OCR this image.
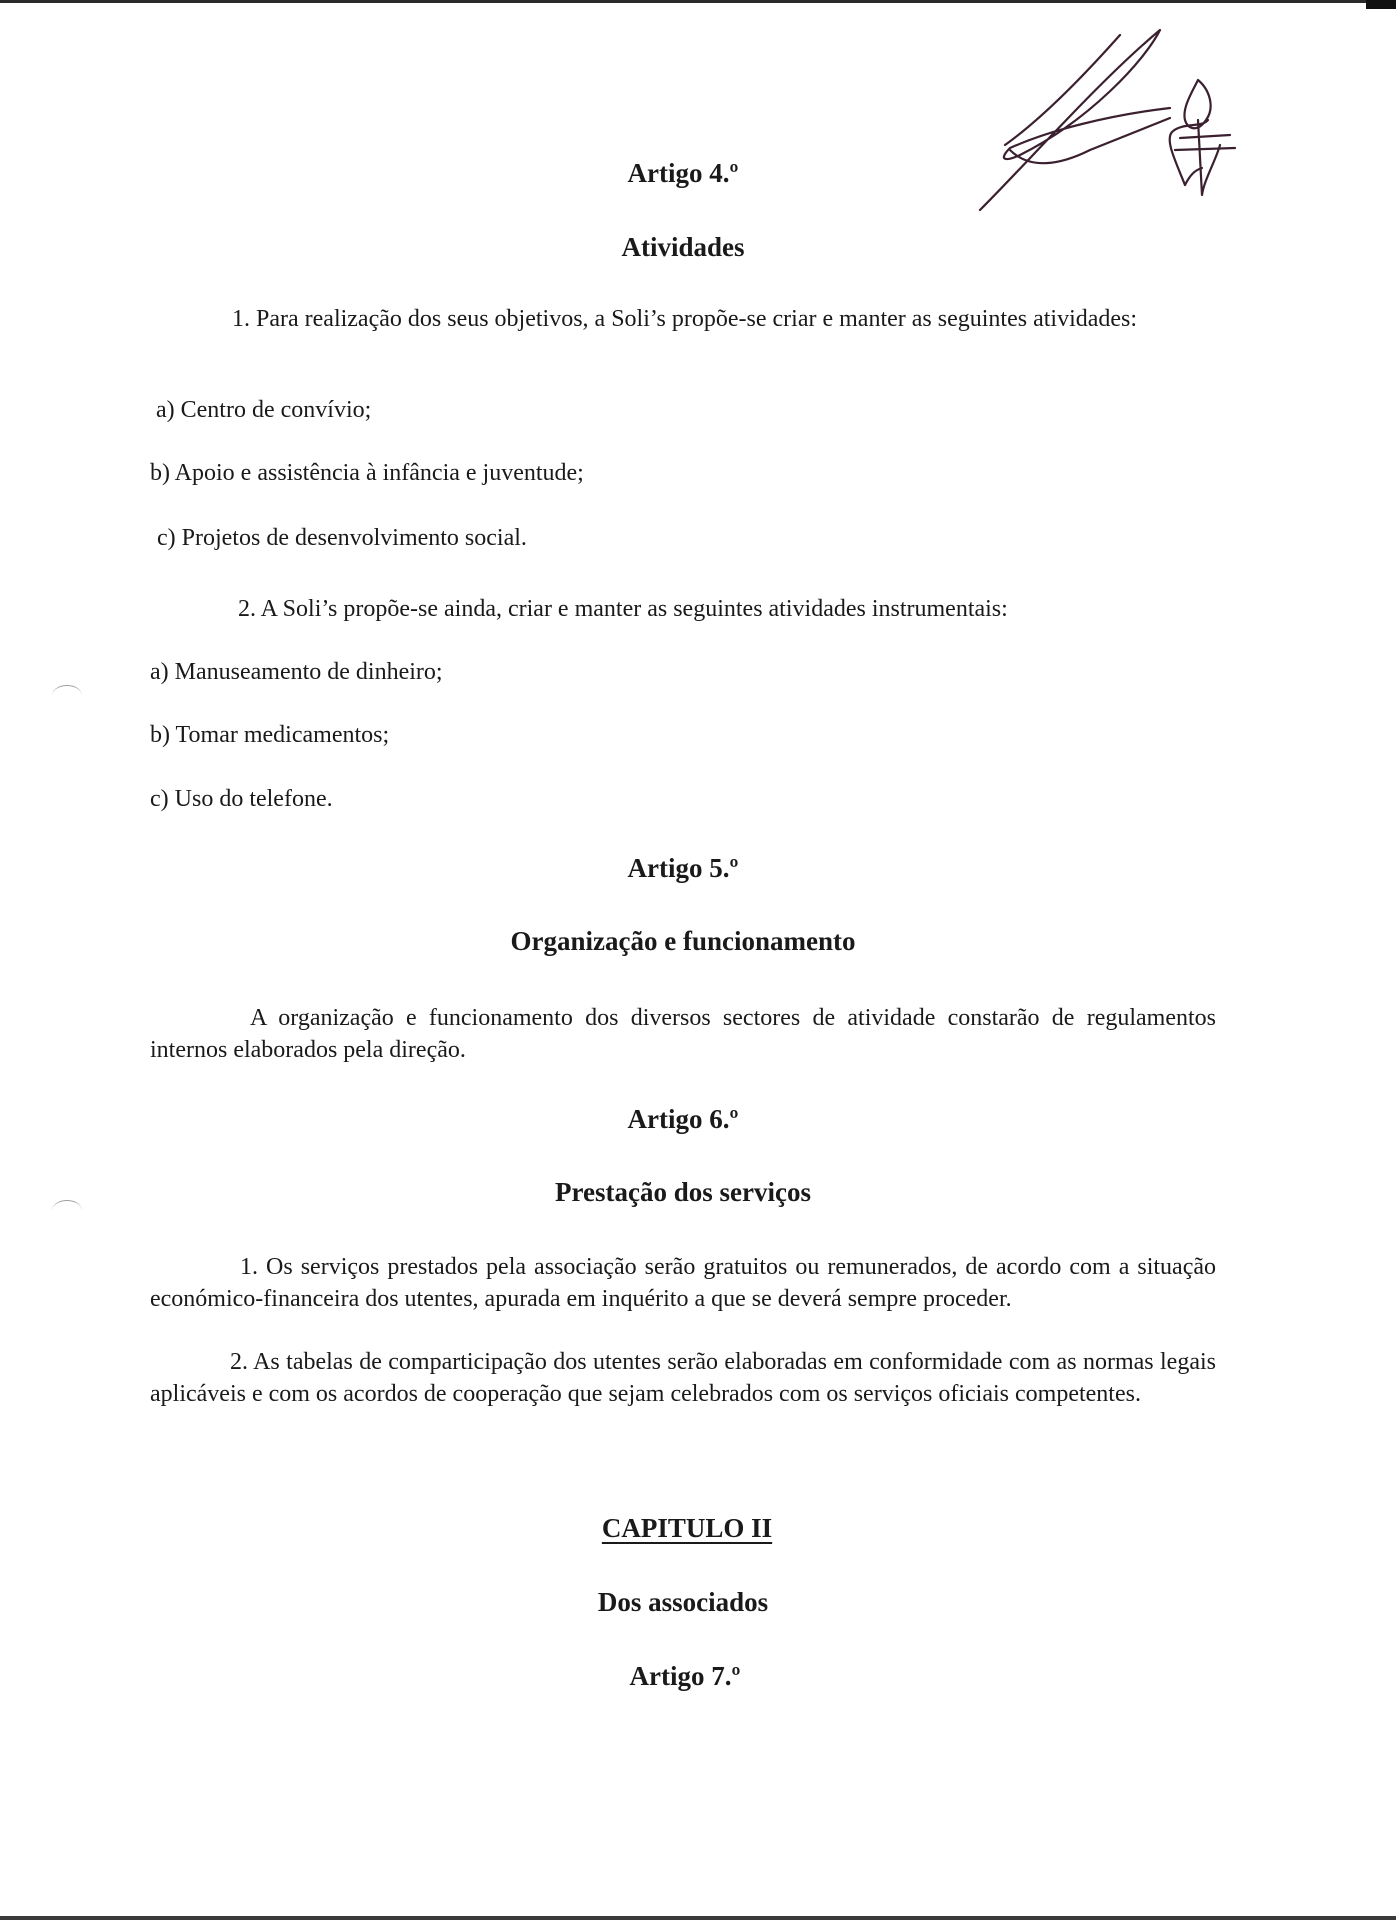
Artigo 4.º
Atividades

1. Para realização dos seus objetivos, a Soli’s propõe-se criar e manter as seguintes atividades:

a) Centro de convívio;

b) Apoio e assistência à infância e juventude;

c) Projetos de desenvolvimento social.

2. A Soli’s propõe-se ainda, criar e manter as seguintes atividades instrumentais:

a) Manuseamento de dinheiro;

b) Tomar medicamentos;

c) Uso do telefone.

Artigo 5.º
Organização e funcionamento

A organização e funcionamento dos diversos sectores de atividade constarão de regulamentos internos elaborados pela direção.

Artigo 6.º
Prestação dos serviços

1. Os serviços prestados pela associação serão gratuitos ou remunerados, de acordo com a situação económico-financeira dos utentes, apurada em inquérito a que se deverá sempre proceder.

2. As tabelas de comparticipação dos utentes serão elaboradas em conformidade com as normas legais aplicáveis e com os acordos de cooperação que sejam celebrados com os serviços oficiais competentes.

CAPITULO II
Dos associados
Artigo 7.º
